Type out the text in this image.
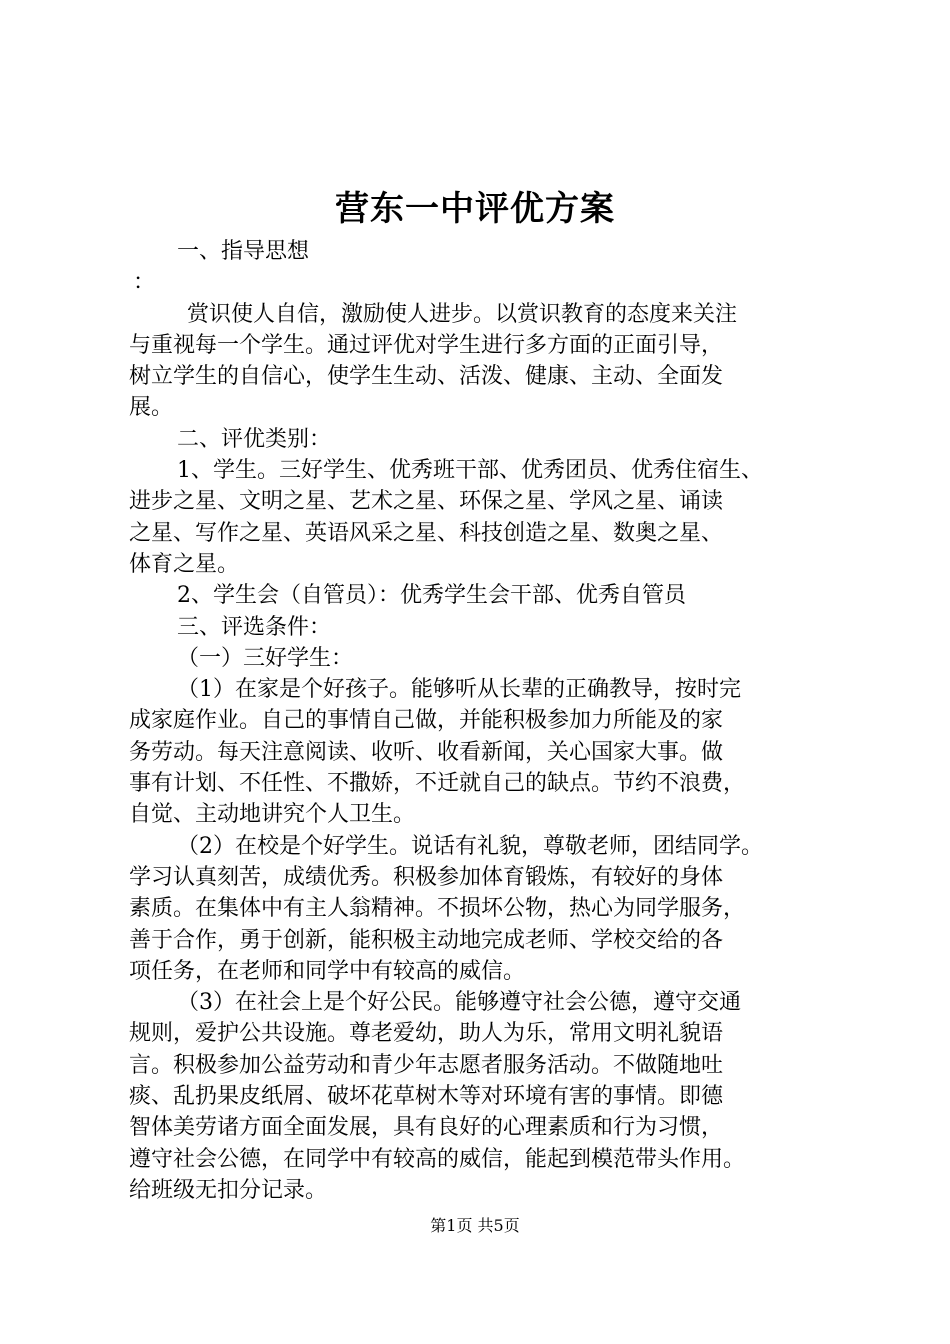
营东一中评优方案
一、指导思想
：
赏识使人自信，激励使人进步。以赏识教育的态度来关注
与重视每一个学生。通过评优对学生进行多方面的正面引导，
树立学生的自信心，使学生生动、活泼、健康、主动、全面发
展。
二、评优类别：
1、学生。三好学生、优秀班干部、优秀团员、优秀住宿生、
进步之星、文明之星、艺术之星、环保之星、学风之星、诵读
之星、写作之星、英语风采之星、科技创造之星、数奥之星、
体育之星。
2、学生会（自管员）：优秀学生会干部、优秀自管员
三、评选条件：
（一）三好学生：
（1）在家是个好孩子。能够听从长辈的正确教导，按时完
成家庭作业。自己的事情自己做，并能积极参加力所能及的家
务劳动。每天注意阅读、收听、收看新闻，关心国家大事。做
事有计划、不任性、不撒娇，不迁就自己的缺点。节约不浪费，
自觉、主动地讲究个人卫生。
（2）在校是个好学生。说话有礼貌，尊敬老师，团结同学。
学习认真刻苦，成绩优秀。积极参加体育锻炼，有较好的身体
素质。在集体中有主人翁精神。不损坏公物，热心为同学服务，
善于合作，勇于创新，能积极主动地完成老师、学校交给的各
项任务，在老师和同学中有较高的威信。
（3）在社会上是个好公民。能够遵守社会公德，遵守交通
规则，爱护公共设施。尊老爱幼，助人为乐，常用文明礼貌语
言。积极参加公益劳动和青少年志愿者服务活动。不做随地吐
痰、乱扔果皮纸屑、破坏花草树木等对环境有害的事情。即德
智体美劳诸方面全面发展，具有良好的心理素质和行为习惯，
遵守社会公德，在同学中有较高的威信，能起到模范带头作用。
给班级无扣分记录。
第1页 共5页
